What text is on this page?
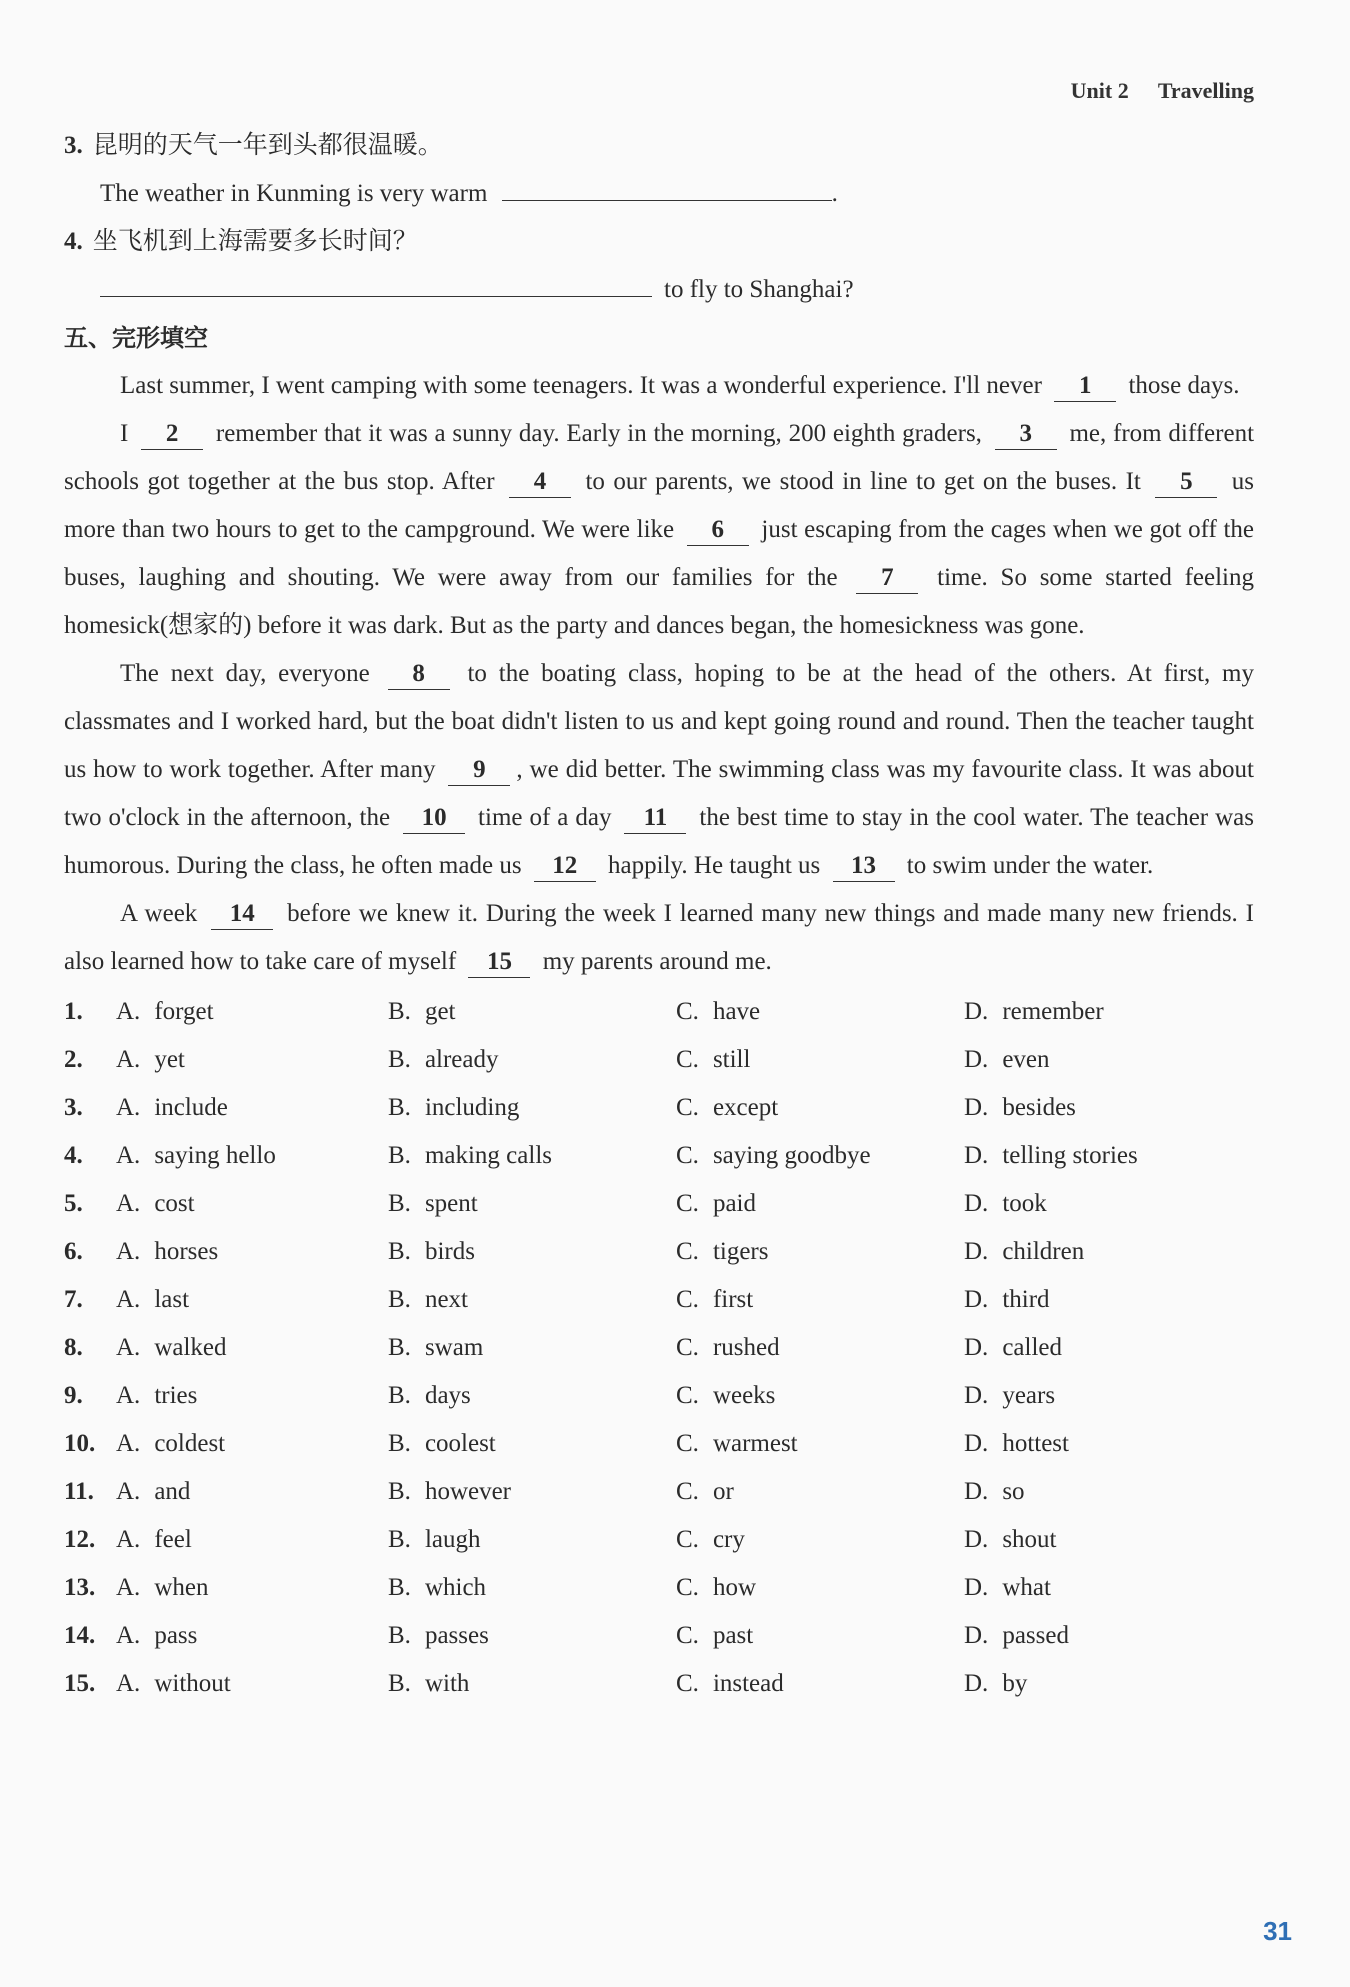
Unit 2 Travelling

3. 昆明的天气一年到头都很温暖。

The weather in Kunming is very warm	.

4. 坐飞机到上海需要多长时间？

to fly to Shanghai?

五、完形填空

Last summer, I went camping with some teenagers. It was a wonderful experience. I'll never 1 those days.

I 2 remember that it was a sunny day. Early in the morning, 200 eighth graders, 3 me, from different schools got together at the bus stop. After 4 to our parents, we stood in line to get on the buses. It 5 us more than two hours to get to the campground. We were like 6 just escaping from the cages when we got off the buses, laughing and shouting. We were away from our families for the 7 time. So some started feeling homesick(想家的) before it was dark. But as the party and dances began, the homesickness was gone.

The next day, everyone 8 to the boating class, hoping to be at the head of the others. At first, my classmates and I worked hard, but the boat didn't listen to us and kept going round and round. Then the teacher taught us how to work together. After many 9 , we did better. The swimming class was my favourite class. It was about two o'clock in the afternoon, the 10 time of a day 11 the best time to stay in the cool water. The teacher was humorous. During the class, he often made us 12 happily. He taught us 13 to swim under the water.

A week 14 before we knew it. During the week I learned many new things and made many new friends. I also learned how to take care of myself 15 my parents around me.

1.	A. forget	B. get	C. have	D. remember
2.	A. yet	B. already	C. still	D. even
3.	A. include	B. including	C. except	D. besides
4.	A. saying hello	B. making calls	C. saying goodbye	D. telling stories
5.	A. cost	B. spent	C. paid	D. took
6.	A. horses	B. birds	C. tigers	D. children
7.	A. last	B. next	C. first	D. third
8.	A. walked	B. swam	C. rushed	D. called
9.	A. tries	B. days	C. weeks	D. years
10. A. coldest	B. coolest	C. warmest	D. hottest
11. A. and	B. however	C. or	D. so
12. A. feel	B. laugh	C. cry	D. shout
13. A. when	B. which	C. how	D. what
14. A. pass	B. passes	C. past	D. passed
15. A. without	B. with	C. instead	D. by
31
